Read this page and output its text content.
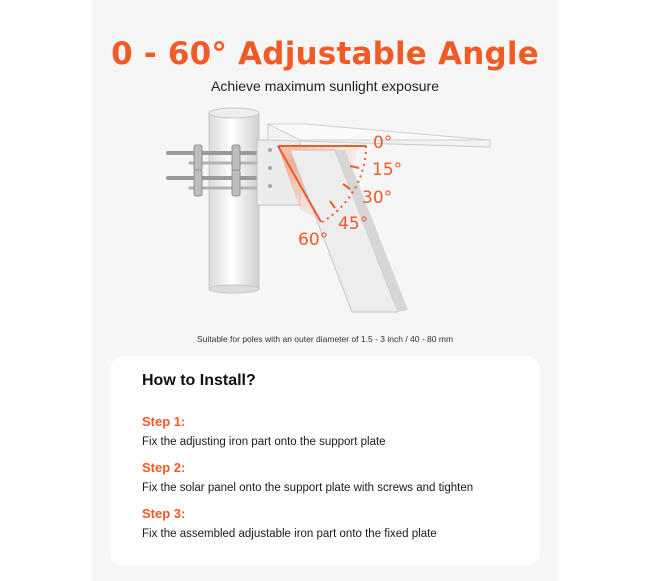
0 - 60° Adjustable Angle
Achieve maximum sunlight exposure
0°
15°
30°
45°
60°
Suitable for poles with an outer diameter of 1.5 - 3 inch / 40 - 80 mm
How to Install?
Step 1:
Fix the adjusting iron part onto the support plate
Step 2:
Fix the solar panel onto the support plate with screws and tighten
Step 3:
Fix the assembled adjustable iron part onto the fixed plate
